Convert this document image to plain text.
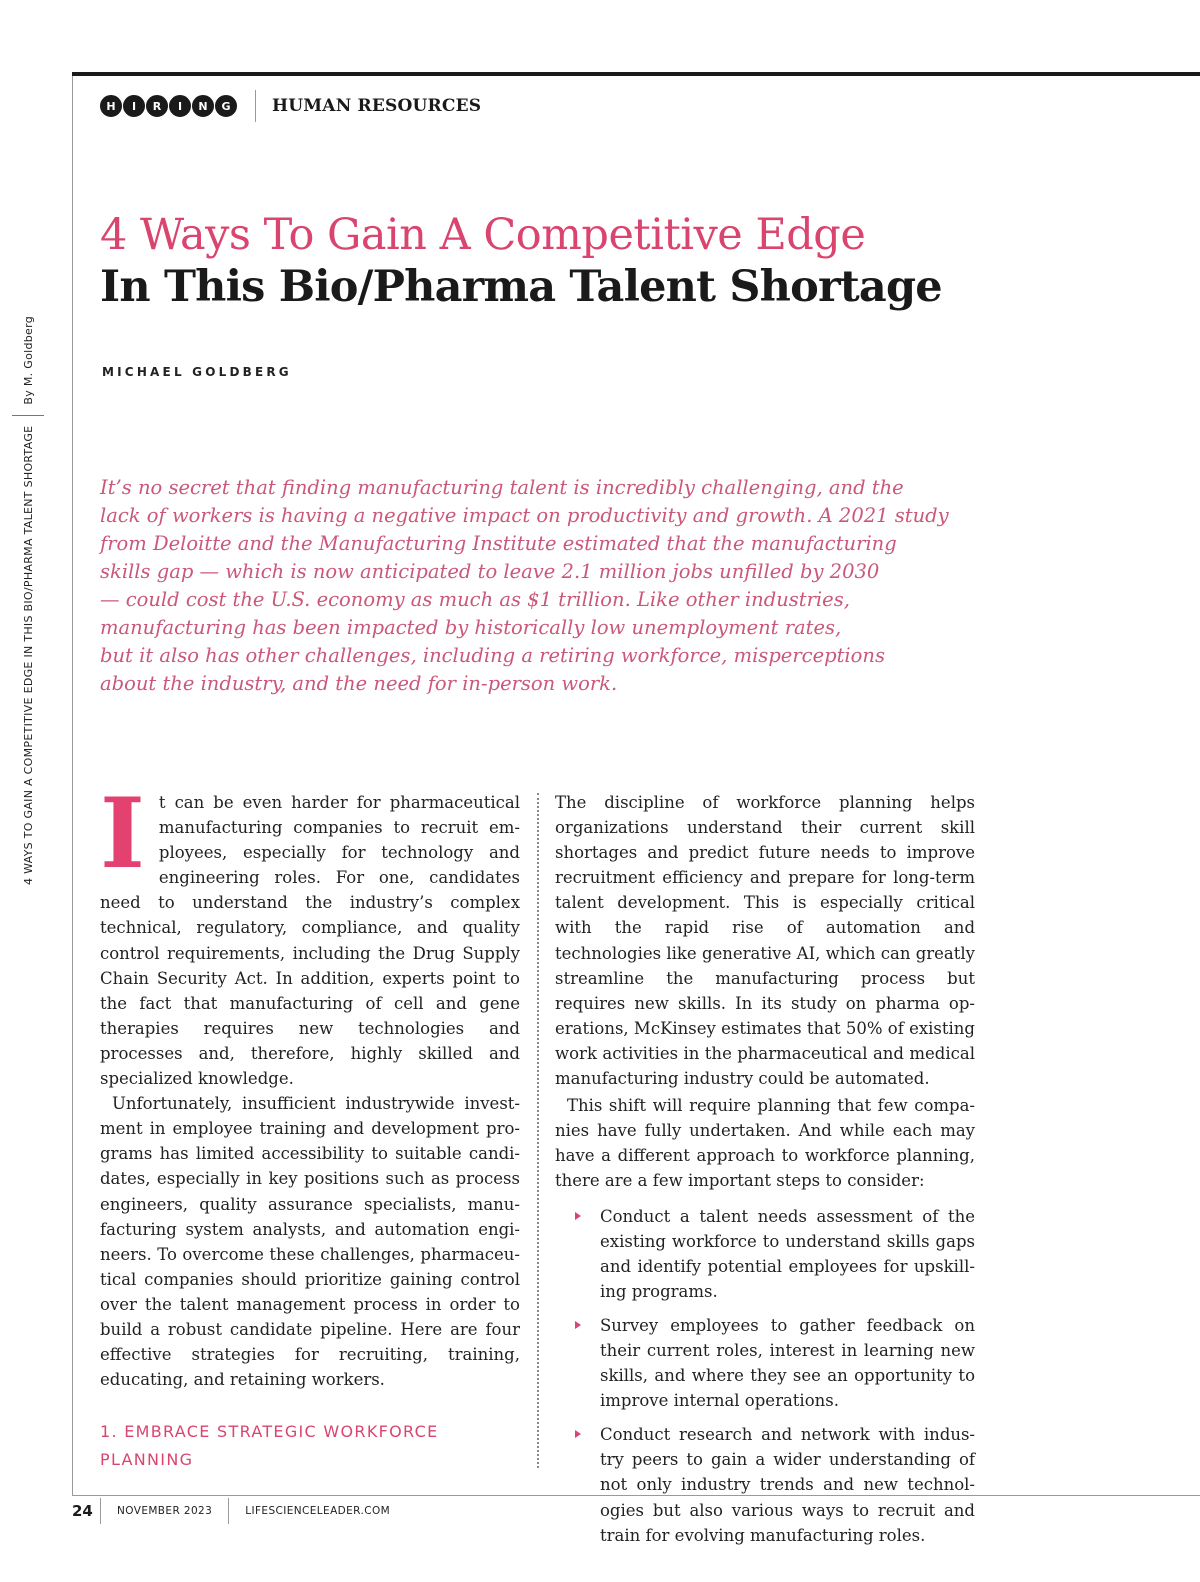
H	I	R	I	N	G	HUMAN RESOURCES
4 WAYS TO GAIN A COMPETITIVE EDGE IN THIS BIO/PHARMA TALENT SHORTAGE
By M. Goldberg
4 Ways To Gain A Competitive Edge
In This Bio/Pharma Talent Shortage
MICHAEL GOLDBERG

It’s no secret that finding manufacturing talent is incredibly challenging, and the
lack of workers is having a negative impact on productivity and growth. A 2021 study
from Deloitte and the Manufacturing Institute estimated that the manufacturing
skills gap — which is now anticipated to leave 2.1 million jobs unfilled by 2030
— could cost the U.S. economy as much as $1 trillion. Like other industries,
manufacturing has been impacted by historically low unemployment rates,
but it also has other challenges, including a retiring workforce, misperceptions
about the industry, and the need for in-person work.

It can be even harder for pharmaceutical manufacturing companies to recruit employees, especially for technology and engineering roles. For one, candidates need to understand the industry’s complex technical, regulatory, compliance, and quality control requirements, including the Drug Supply Chain Security Act. In addition, experts point to the fact that manufacturing of cell and gene therapies requires new technologies and processes and, therefore, highly skilled and specialized knowledge.

Unfortunately, insufficient industrywide investment in employee training and development programs has limited accessibility to suitable candidates, especially in key positions such as process engineers, quality assurance specialists, manufacturing system analysts, and automation engineers. To overcome these challenges, pharmaceutical companies should prioritize gaining control over the talent management process in order to build a robust candidate pipeline. Here are four effective strategies for recruiting, training, educating, and retaining workers.

1. EMBRACE STRATEGIC WORKFORCE PLANNING

The discipline of workforce planning helps organizations understand their current skill shortages and predict future needs to improve recruitment efficiency and prepare for long-term talent development. This is especially critical with the rapid rise of automation and technologies like generative AI, which can greatly streamline the manufacturing process but requires new skills. In its study on pharma operations, McKinsey estimates that 50% of existing work activities in the pharmaceutical and medical manufacturing industry could be automated.

This shift will require planning that few companies have fully undertaken. And while each may have a different approach to workforce planning, there are a few important steps to consider:

Conduct a talent needs assessment of the existing workforce to understand skills gaps and identify potential employees for upskilling programs.
Survey employees to gather feedback on their current roles, interest in learning new skills, and where they see an opportunity to improve internal operations.
Conduct research and network with industry peers to gain a wider understanding of not only industry trends and new technologies but also various ways to recruit and train for evolving manufacturing roles.
24	NOVEMBER 2023	LIFESCIENCELEADER.COM
